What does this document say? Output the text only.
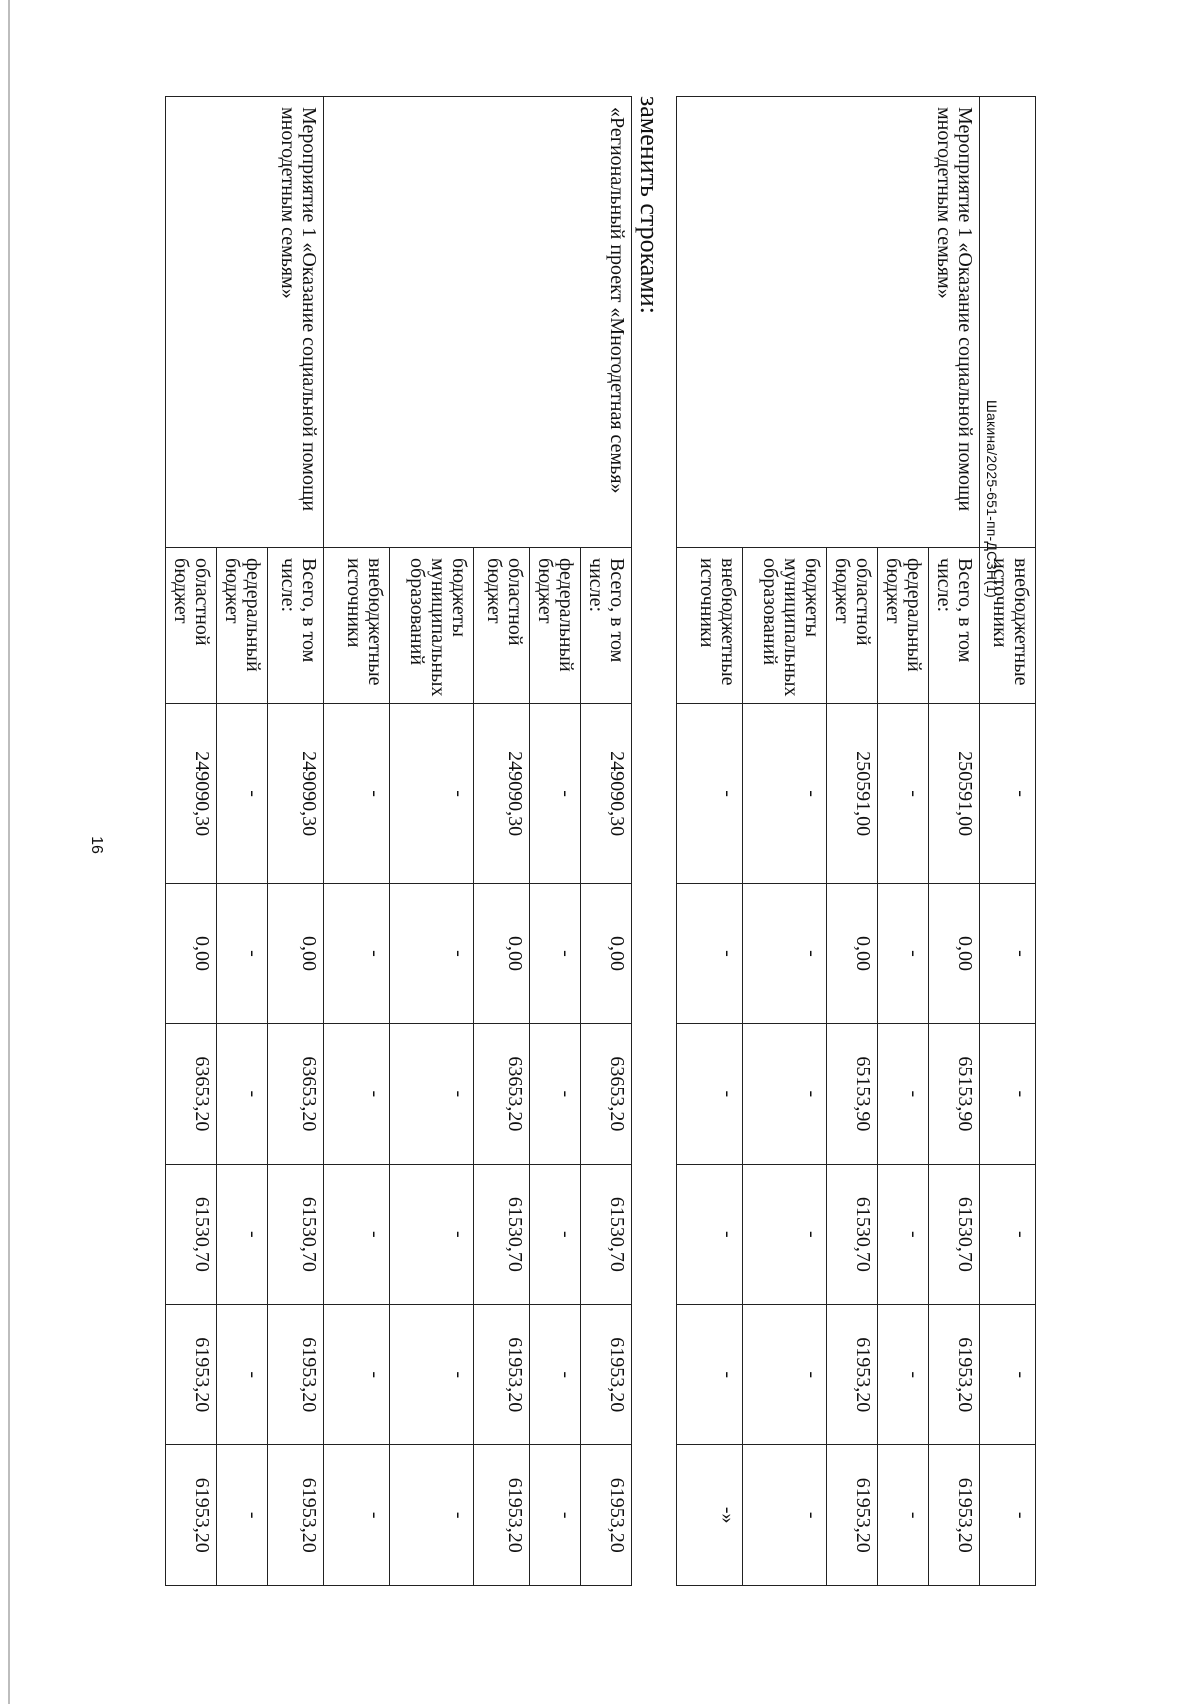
16
Шакина/2025-651-пп-ДСЗН(1)
	внебюджетные источники	-	-	-	-	-	-
Мероприятие 1 «Оказание социальной помощи многодетным семьям»	Всего, в том числе:	250591,00	0,00	65153,90	61530,70	61953,20	61953,20
	федеральный бюджет	-	-	-	-	-	-
	областной бюджет	250591,00	0,00	65153,90	61530,70	61953,20	61953,20
	бюджеты муниципальных образований	-	-	-	-	-	-
	внебюджетные источники	-	-	-	-	-	-»
заменить строками:
«Региональный проект «Многодетная семья»	Всего, в том числе:	249090,30	0,00	63653,20	61530,70	61953,20	61953,20
	федеральный бюджет	-	-	-	-	-	-
	областной бюджет	249090,30	0,00	63653,20	61530,70	61953,20	61953,20
	бюджеты муниципальных образований	-	-	-	-	-	-
	внебюджетные источники	-	-	-	-	-	-
Мероприятие 1 «Оказание социальной помощи многодетным семьям»	Всего, в том числе:	249090,30	0,00	63653,20	61530,70	61953,20	61953,20
	федеральный бюджет	-	-	-	-	-	-
	областной бюджет	249090,30	0,00	63653,20	61530,70	61953,20	61953,20
